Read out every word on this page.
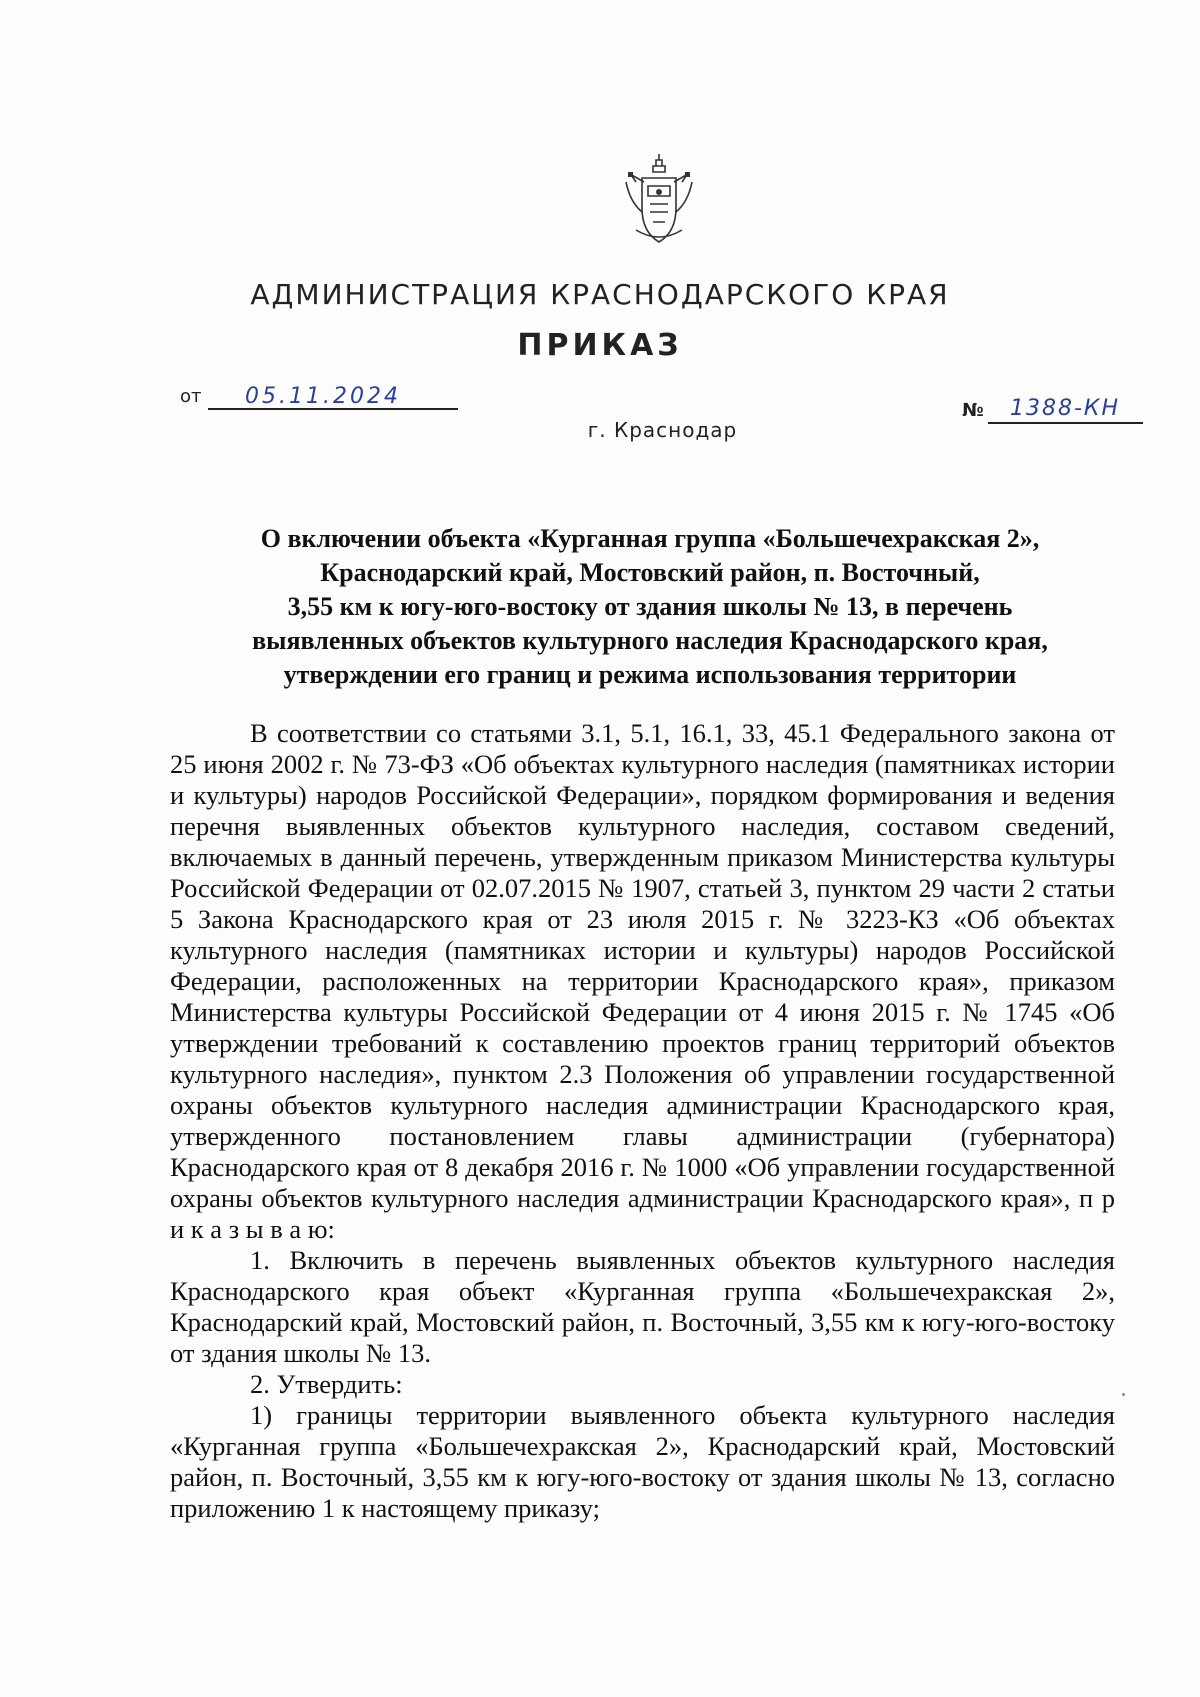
АДМИНИСТРАЦИЯ КРАСНОДАРСКОГО КРАЯ
ПРИКАЗ
от 05.11.2024
№ 1388-КН
г. Краснодар
О включении объекта «Курганная группа «Большечехракская 2»,
Краснодарский край, Мостовский район, п. Восточный,
3,55 км к югу-юго-востоку от здания школы № 13, в перечень
выявленных объектов культурного наследия Краснодарского края,
утверждении его границ и режима использования территории

В соответствии со статьями 3.1, 5.1, 16.1, 33, 45.1 Федерального закона от 25 июня 2002 г. № 73-ФЗ «Об объектах культурного наследия (памятниках истории и культуры) народов Российской Федерации», порядком формирования и ведения перечня выявленных объектов культурного наследия, составом сведений, включаемых в данный перечень, утвержденным приказом Министерства культуры Российской Федерации от 02.07.2015 № 1907, статьей 3, пунктом 29 части 2 статьи 5 Закона Краснодарского края от 23 июля 2015 г. № 3223-КЗ «Об объектах культурного наследия (памятниках истории и культуры) народов Российской Федерации, расположенных на территории Краснодарского края», приказом Министерства культуры Российской Федерации от 4 июня 2015 г. № 1745 «Об утверждении требований к составлению проектов границ территорий объектов культурного наследия», пунктом 2.3 Положения об управлении государственной охраны объектов культурного наследия администрации Краснодарского края, утвержденного постановлением главы администрации (губернатора) Краснодарского края от 8 декабря 2016 г. № 1000 «Об управлении государственной охраны объектов культурного наследия администрации Краснодарского края», п р и к а з ы в а ю:

1. Включить в перечень выявленных объектов культурного наследия Краснодарского края объект «Курганная группа «Большечехракская 2», Краснодарский край, Мостовский район, п. Восточный, 3,55 км к югу-юго-востоку от здания школы № 13.

2. Утвердить:

1) границы территории выявленного объекта культурного наследия «Курганная группа «Большечехракская 2», Краснодарский край, Мостовский район, п. Восточный, 3,55 км к югу-юго-востоку от здания школы № 13, согласно приложению 1 к настоящему приказу;
